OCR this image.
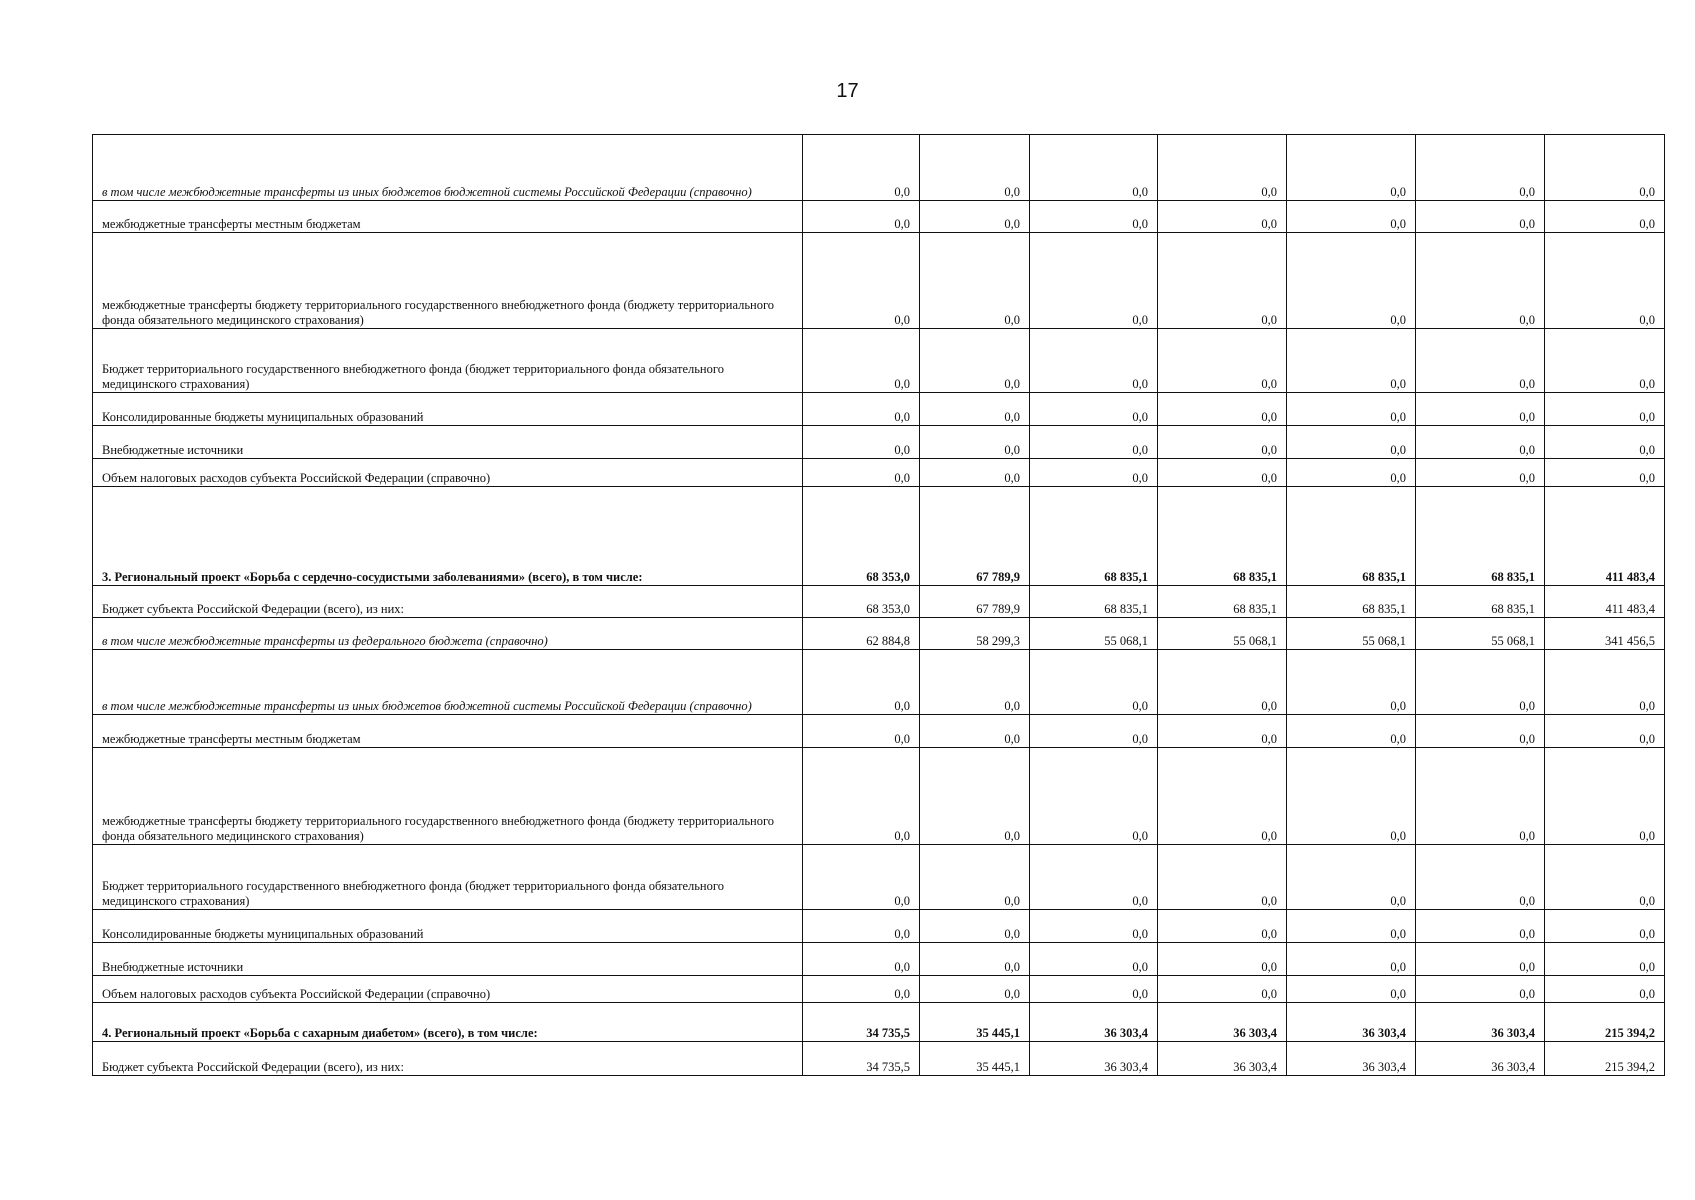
17
в том числе межбюджетные трансферты из иных бюджетов бюджетной системы Российской Федерации (справочно)	0,0	0,0	0,0	0,0	0,0	0,0	0,0
межбюджетные трансферты местным бюджетам	0,0	0,0	0,0	0,0	0,0	0,0	0,0
межбюджетные трансферты бюджету территориального государственного внебюджетного фонда (бюджету территориального фонда обязательного медицинского страхования)	0,0	0,0	0,0	0,0	0,0	0,0	0,0
Бюджет территориального государственного внебюджетного фонда (бюджет территориального фонда обязательного медицинского страхования)	0,0	0,0	0,0	0,0	0,0	0,0	0,0
Консолидированные бюджеты муниципальных образований	0,0	0,0	0,0	0,0	0,0	0,0	0,0
Внебюджетные источники	0,0	0,0	0,0	0,0	0,0	0,0	0,0
Объем налоговых расходов субъекта Российской Федерации (справочно)	0,0	0,0	0,0	0,0	0,0	0,0	0,0
3. Региональный проект «Борьба с сердечно-сосудистыми заболеваниями» (всего), в том числе:	68 353,0	67 789,9	68 835,1	68 835,1	68 835,1	68 835,1	411 483,4
Бюджет субъекта Российской Федерации (всего), из них:	68 353,0	67 789,9	68 835,1	68 835,1	68 835,1	68 835,1	411 483,4
в том числе межбюджетные трансферты из федерального бюджета (справочно)	62 884,8	58 299,3	55 068,1	55 068,1	55 068,1	55 068,1	341 456,5
в том числе межбюджетные трансферты из иных бюджетов бюджетной системы Российской Федерации (справочно)	0,0	0,0	0,0	0,0	0,0	0,0	0,0
межбюджетные трансферты местным бюджетам	0,0	0,0	0,0	0,0	0,0	0,0	0,0
межбюджетные трансферты бюджету территориального государственного внебюджетного фонда (бюджету территориального фонда обязательного медицинского страхования)	0,0	0,0	0,0	0,0	0,0	0,0	0,0
Бюджет территориального государственного внебюджетного фонда (бюджет территориального фонда обязательного медицинского страхования)	0,0	0,0	0,0	0,0	0,0	0,0	0,0
Консолидированные бюджеты муниципальных образований	0,0	0,0	0,0	0,0	0,0	0,0	0,0
Внебюджетные источники	0,0	0,0	0,0	0,0	0,0	0,0	0,0
Объем налоговых расходов субъекта Российской Федерации (справочно)	0,0	0,0	0,0	0,0	0,0	0,0	0,0
4. Региональный проект «Борьба с сахарным диабетом» (всего), в том числе:	34 735,5	35 445,1	36 303,4	36 303,4	36 303,4	36 303,4	215 394,2
Бюджет субъекта Российской Федерации (всего), из них:	34 735,5	35 445,1	36 303,4	36 303,4	36 303,4	36 303,4	215 394,2
